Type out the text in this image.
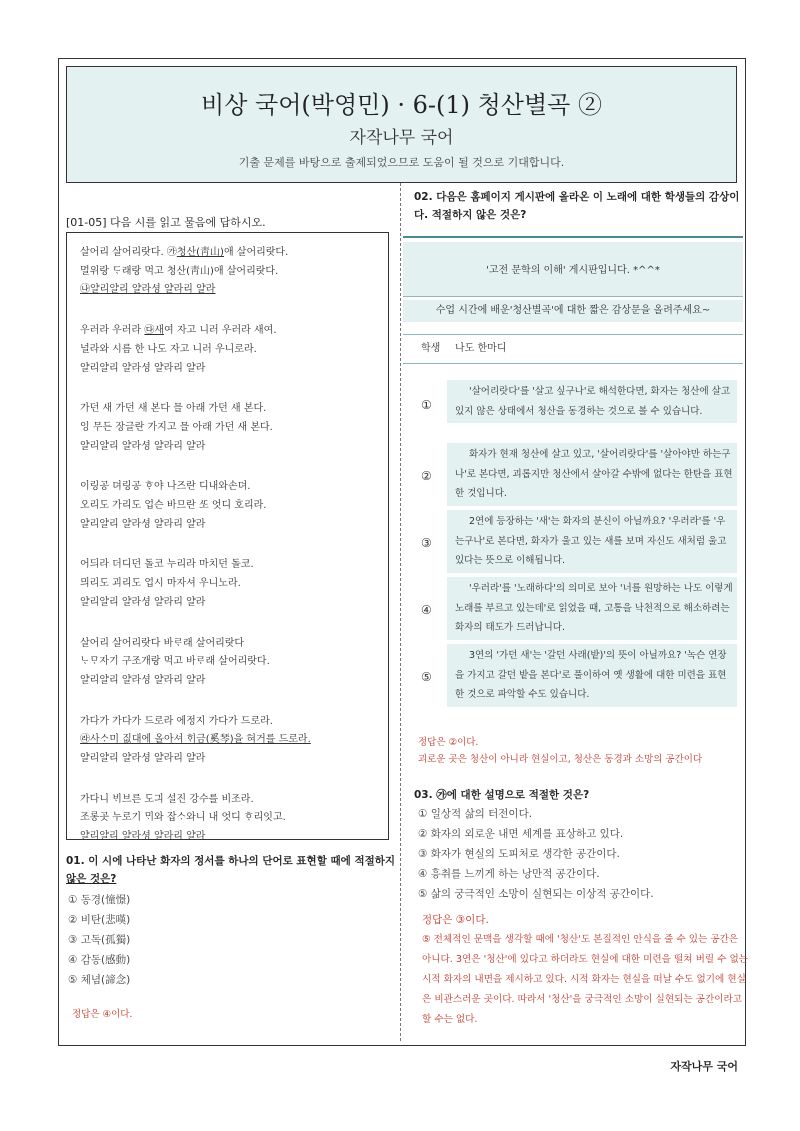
비상 국어(박영민) · 6-(1) 청산별곡 ②
자작나무 국어
기출 문제를 바탕으로 출제되었으므로 도움이 될 것으로 기대합니다.
[01-05] 다음 시를 읽고 물음에 답하시오.

살어리 살어리랏다. ㉮청산(靑山)애 살어리랏다.

멀위랑 ᄃᆞ래랑 먹고 청산(靑山)애 살어리랏다.

㉯얄리얄리 얄라셩 얄라리 얄라

우러라 우러라 ㉰새여 자고 니러 우러라 새여.

널라와 시름 한 나도 자고 니러 우니로라.

얄리얄리 얄라셩 얄라리 얄라

가던 새 가던 새 본다 믈 아래 가던 새 본다.

잉 무든 장글란 가지고 믈 아래 가던 새 본다.

얄리얄리 얄라셩 얄라리 얄라

이링공 뎌링공 ᄒᆞ야 나즈란 디내와손뎌.

오리도 가리도 업슨 바므란 ᄯᅩ 엇디 호리라.

얄리얄리 얄라셩 얄라리 얄라

어듸라 더디던 돌코 누리라 마치던 돌코.

믜리도 괴리도 업시 마자셔 우니노라.

얄리얄리 얄라셩 얄라리 얄라

살어리 살어리랏다 바ᄅᆞ래 살어리랏다

ᄂᆞᄆᆞ자기 구조개랑 먹고 바ᄅᆞ래 살어리랏다.

얄리얄리 얄라셩 얄라리 얄라

가다가 가다가 드로라 에정지 가다가 드로라.

㉱사ᄉᆞ미 짒대에 올아셔 ᄒᆡ금(奚琴)을 혀거를 드로라.

얄리얄리 얄라셩 얄라리 얄라

가다니 ᄇᆡ브른 도긔 설진 강수를 비조라.

조롱곳 누로기 ᄆᆡ와 잡ᄉᆞ와니 내 엇디 ᄒᆞ리잇고.

얄리얄리 얄라셩 얄라리 얄라

01. 이 시에 나타난 화자의 정서를 하나의 단어로 표현할 때에 적절하지
않은 것은?
① 동경(憧憬)
② 비탄(悲嘆)
③ 고독(孤獨)
④ 감동(感動)
⑤ 체념(諦念)
정답은 ④이다.
02. 다음은 홈페이지 게시판에 올라온 이 노래에 대한 학생들의 감상이
다. 적절하지 않은 것은?
'고전 문학의 이해' 게시판입니다. *^^*
수업 시간에 배운'청산별곡'에 대한 짧은 감상문을 올려주세요~
학생 나도 한마디
①
'살어리랏다'를 '살고 싶구나'로 해석한다면, 화자는 청산에 살고 있지 않은 상태에서 청산을 동경하는 것으로 볼 수 있습니다.
②
화자가 현재 청산에 살고 있고, '살어리랏다'를 '살아야만 하는구나'로 본다면, 괴롭지만 청산에서 살아갈 수밖에 없다는 한탄을 표현한 것입니다.
③
2연에 등장하는 '새'는 화자의 분신이 아닐까요? '우러라'를 '우는구나'로 본다면, 화자가 울고 있는 새를 보며 자신도 새처럼 울고 있다는 뜻으로 이해됩니다.
④
'우러라'를 '노래하다'의 의미로 보아 '너를 원망하는 나도 이렇게 노래를 부르고 있는데'로 읽었을 때, 고통을 낙천적으로 해소하려는 화자의 태도가 드러납니다.
⑤
3연의 '가던 새'는 '갈던 사래(밭)'의 뜻이 아닐까요? '녹슨 연장을 가지고 갈던 밭을 본다'로 풀이하여 옛 생활에 대한 미련을 표현한 것으로 파악할 수도 있습니다.
정답은 ②이다.
괴로운 곳은 청산이 아니라 현실이고, 청산은 동경과 소망의 공간이다
03. ㉮에 대한 설명으로 적절한 것은?
① 일상적 삶의 터전이다.
② 화자의 외로운 내면 세계를 표상하고 있다.
③ 화자가 현실의 도피처로 생각한 공간이다.
④ 흥취를 느끼게 하는 낭만적 공간이다.
⑤ 삶의 궁극적인 소망이 실현되는 이상적 공간이다.
정답은 ③이다.
⑤ 전체적인 문맥을 생각할 때에 '청산'도 본질적인 안식을 줄 수 있는 공간은
아니다. 3연은 '청산'에 있다고 하더라도 현실에 대한 미련을 떨쳐 버릴 수 없는
시적 화자의 내면을 제시하고 있다. 시적 화자는 현실을 떠날 수도 없기에 현실
은 비관스러운 곳이다. 따라서 '청산'을 궁극적인 소망이 실현되는 공간이라고
할 수는 없다.
자작나무 국어
